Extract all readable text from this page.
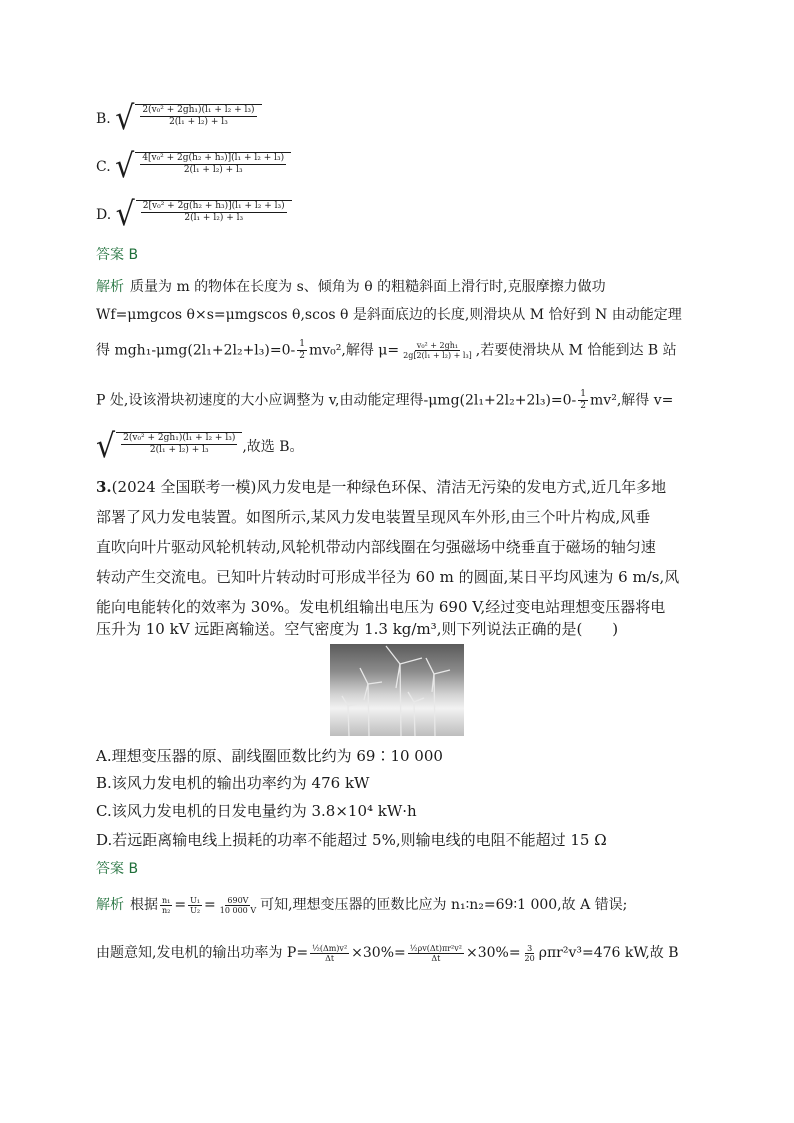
B. √ $\frac{\text{2(v₀² + 2gh₁)(l₁ + l₂ + l₃)}}{\text{2(l₁ + l₂) + l₃}}$
C. √ $\frac{\text{4[v₀² + 2g(h₂ + h₃)](l₁ + l₂ + l₃)}}{\text{2(l₁ + l₂) + l₃}}$
D. √ $\frac{\text{2[v₀² + 2g(h₂ + h₃)](l₁ + l₂ + l₃)}}{\text{2(l₁ + l₂) + l₃}}$
答案 B
解析 质量为 m 的物体在长度为 s、倾角为 θ 的粗糙斜面上滑行时,克服摩擦力做功
Wf=μmgcos θ×s=μmgscos θ,scos θ 是斜面底边的长度,则滑块从 M 恰好到 N 由动能定理
得 $mgh_1-\mu mg(2l_1+2l_2+l_3)=0- \frac{1}{2} mv_0^2$,解得 $\mu= \frac{\text{v₀² + 2gh₁}}{\text{2g[2(l₁ + l₂) + l₃]}}$ ,若要使滑块从 M 恰能到达 B 站
P 处,设该滑块初速度的大小应调整为 v,由动能定理得$-\mu mg(2l_1+2l_2+2l_3)=0- \frac{1}{2} mv^2$,解得 v=
√ $\frac{\text{2(v₀² + 2gh₁)(l₁ + l₂ + l₃)}}{\text{2(l₁ + l₂) + l₃}}$ ,故选 B。
3.(2024 全国联考一模)风力发电是一种绿色环保、清洁无污染的发电方式,近几年多地
部署了风力发电装置。如图所示,某风力发电装置呈现风车外形,由三个叶片构成,风垂
直吹向叶片驱动风轮机转动,风轮机带动内部线圈在匀强磁场中绕垂直于磁场的轴匀速
转动产生交流电。已知叶片转动时可形成半径为 60 m 的圆面,某日平均风速为 6 m/s,风
能向电能转化的效率为 30%。发电机组输出电压为 690 V,经过变电站理想变压器将电
压升为 10 kV 远距离输送。空气密度为 1.3 kg/m³,则下列说法正确的是(　　)
A.理想变压器的原、副线圈匝数比约为 69∶10 000
B.该风力发电机的输出功率约为 476 kW
C.该风力发电机的日发电量约为 3.8×10⁴ kW·h
D.若远距离输电线上损耗的功率不能超过 5%,则输电线的电阻不能超过 15 Ω
答案 B
解析 根据 $\frac{\text{n₁}}{\text{n₂}} = \frac{\text{U₁}}{\text{U₂}} = \frac{690V}{10 000 V}$ 可知,理想变压器的匝数比应为 n₁∶n₂=69∶1 000,故 A 错误;
由题意知,发电机的输出功率为 $P= \frac{\text{½(Δm)v²}}{\Delta t} \times 30\%= \frac{\text{½ρv(Δt)πr²v²}}{\Delta t} \times 30\%= \frac{3}{20} \rho\pi r^2v^3=476$ kW,故 B
